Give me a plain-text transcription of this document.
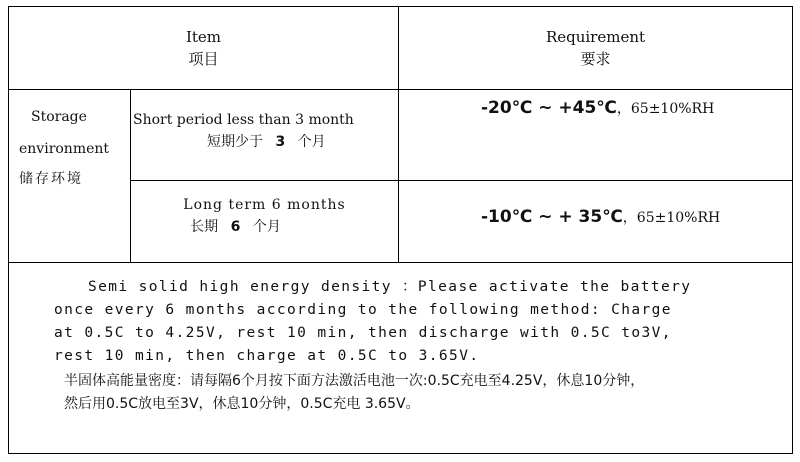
Item
项目
Requirement
要求
Storage
environment
储存环境
Short period less than 3 month
短期少于 3 个月
-20℃ ~ +45℃ ，65±10%RH
Long term 6 months
长期 6 个月	-10℃ ~ + 35℃ ，65±10%RH
Semi solid high energy density ：Please activate the battery
once every 6 months according to the following method: Charge
at 0.5C to 4.25V, rest 10 min, then discharge with 0.5C to3V,
rest 10 min, then charge at 0.5C to 3.65V.
半固体高能量密度：请每隔6个月按下面方法激活电池一次:0.5C充电至4.25V，休息10分钟，
然后用0.5C放电至3V，休息10分钟，0.5C充电 3.65V。
